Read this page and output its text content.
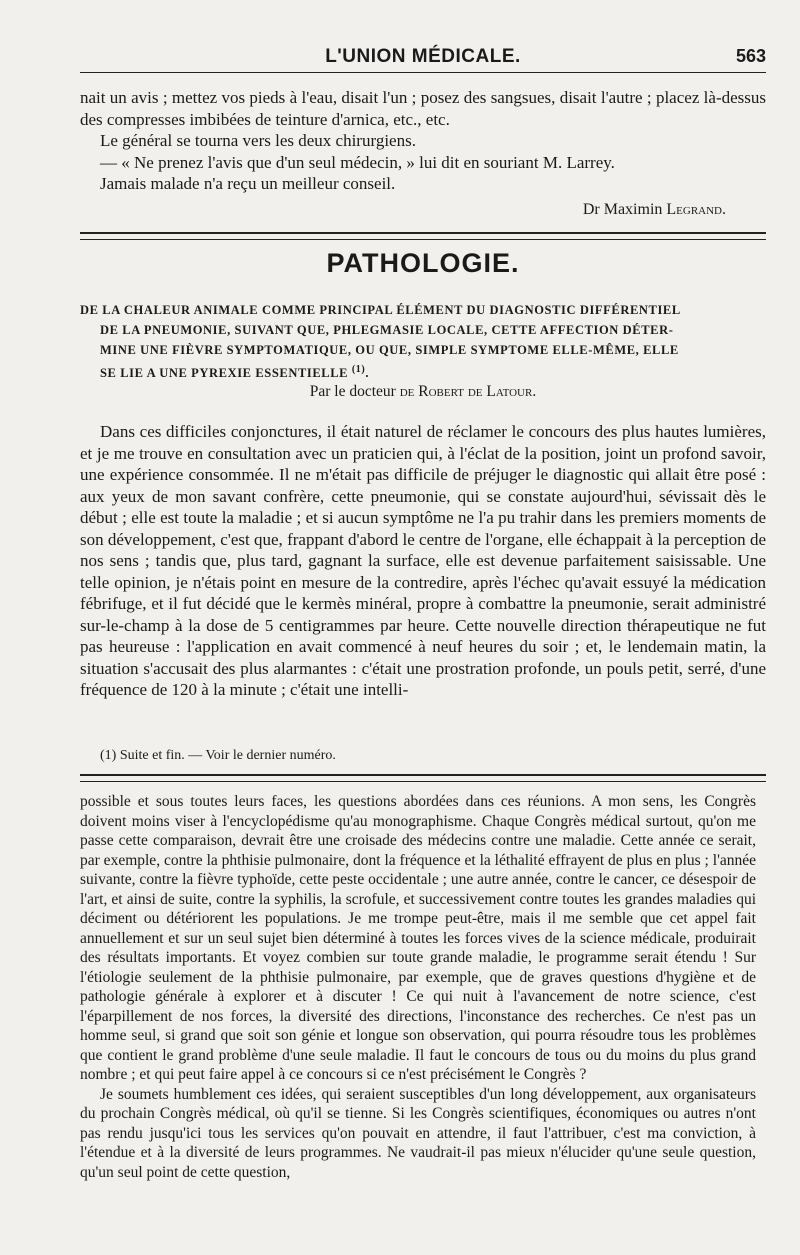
L'UNION MÉDICALE.	563

nait un avis ; mettez vos pieds à l'eau, disait l'un ; posez des sangsues, disait l'autre ; placez là-dessus des compresses imbibées de teinture d'arnica, etc., etc.

Le général se tourna vers les deux chirurgiens.

— « Ne prenez l'avis que d'un seul médecin, » lui dit en souriant M. Larrey.

Jamais malade n'a reçu un meilleur conseil.

Dr Maximin Legrand.
PATHOLOGIE.
DE LA CHALEUR ANIMALE COMME PRINCIPAL ÉLÉMENT DU DIAGNOSTIC DIFFÉRENTIEL
DE LA PNEUMONIE, SUIVANT QUE, PHLEGMASIE LOCALE, CETTE AFFECTION DÉTER-
MINE UNE FIÈVRE SYMPTOMATIQUE, OU QUE, SIMPLE SYMPTOME ELLE-MÊME, ELLE
SE LIE A UNE PYREXIE ESSENTIELLE $^{(1)}$.
Par le docteur de Robert de Latour.

Dans ces difficiles conjonctures, il était naturel de réclamer le concours des plus hautes lumières, et je me trouve en consultation avec un praticien qui, à l'éclat de la position, joint un profond savoir, une expérience consommée. Il ne m'était pas difficile de préjuger le diagnostic qui allait être posé : aux yeux de mon savant confrère, cette pneumonie, qui se constate aujourd'hui, sévissait dès le début ; elle est toute la maladie ; et si aucun symptôme ne l'a pu trahir dans les premiers moments de son développement, c'est que, frappant d'abord le centre de l'organe, elle échappait à la perception de nos sens ; tandis que, plus tard, gagnant la surface, elle est devenue parfaitement saisissable. Une telle opinion, je n'étais point en mesure de la contredire, après l'échec qu'avait essuyé la médication fébrifuge, et il fut décidé que le kermès minéral, propre à combattre la pneumonie, serait administré sur-le-champ à la dose de 5 centigrammes par heure. Cette nouvelle direction thérapeutique ne fut pas heureuse : l'application en avait commencé à neuf heures du soir ; et, le lendemain matin, la situation s'accusait des plus alarmantes : c'était une prostration profonde, un pouls petit, serré, d'une fréquence de 120 à la minute ; c'était une intelli-

(1) Suite et fin. — Voir le dernier numéro.

possible et sous toutes leurs faces, les questions abordées dans ces réunions. A mon sens, les Congrès doivent moins viser à l'encyclopédisme qu'au monographisme. Chaque Congrès médical surtout, qu'on me passe cette comparaison, devrait être une croisade des médecins contre une maladie. Cette année ce serait, par exemple, contre la phthisie pulmonaire, dont la fréquence et la léthalité effrayent de plus en plus ; l'année suivante, contre la fièvre typhoïde, cette peste occidentale ; une autre année, contre le cancer, ce désespoir de l'art, et ainsi de suite, contre la syphilis, la scrofule, et successivement contre toutes les grandes maladies qui déciment ou détériorent les populations. Je me trompe peut-être, mais il me semble que cet appel fait annuellement et sur un seul sujet bien déterminé à toutes les forces vives de la science médicale, produirait des résultats importants. Et voyez combien sur toute grande maladie, le programme serait étendu ! Sur l'étiologie seulement de la phthisie pulmonaire, par exemple, que de graves questions d'hygiène et de pathologie générale à explorer et à discuter ! Ce qui nuit à l'avancement de notre science, c'est l'éparpillement de nos forces, la diversité des directions, l'inconstance des recherches. Ce n'est pas un homme seul, si grand que soit son génie et longue son observation, qui pourra résoudre tous les problèmes que contient le grand problème d'une seule maladie. Il faut le concours de tous ou du moins du plus grand nombre ; et qui peut faire appel à ce concours si ce n'est précisément le Congrès ?

Je soumets humblement ces idées, qui seraient susceptibles d'un long développement, aux organisateurs du prochain Congrès médical, où qu'il se tienne. Si les Congrès scientifiques, économiques ou autres n'ont pas rendu jusqu'ici tous les services qu'on pouvait en attendre, il faut l'attribuer, c'est ma conviction, à l'étendue et à la diversité de leurs programmes. Ne vaudrait-il pas mieux n'élucider qu'une seule question, qu'un seul point de cette question,
